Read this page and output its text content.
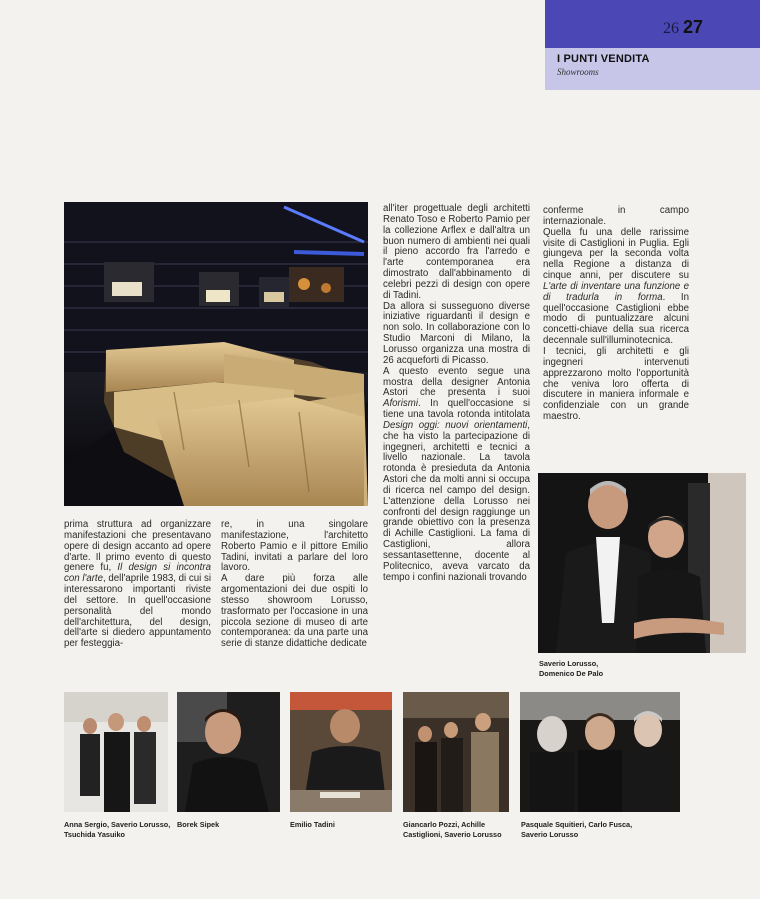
26 27
I PUNTI VENDITA
Showrooms

prima struttura ad organizzare manifestazioni che presentavano opere di design accanto ad opere d'arte. Il primo evento di questo genere fu, Il design si incontra con l'arte, dell'aprile 1983, di cui si interessarono importanti riviste del settore. In quell'occasione personalità del mondo dell'architettura, del design, dell'arte si diedero appuntamento per festeggia-

re, in una singolare manifestazione, l'architetto Roberto Pamio e il pittore Emilio Tadini, invitati a parlare del loro lavoro.

A dare più forza alle argomentazioni dei due ospiti lo stesso showroom Lorusso, trasformato per l'occasione in una piccola sezione di museo di arte contemporanea: da una parte una serie di stanze didattiche dedicate

all'iter progettuale degli architetti Renato Toso e Roberto Pamio per la collezione Arflex e dall'altra un buon numero di ambienti nei quali il pieno accordo fra l'arredo e l'arte contemporanea era dimostrato dall'abbinamento di celebri pezzi di design con opere di Tadini.

Da allora si susseguono diverse iniziative riguardanti il design e non solo. In collaborazione con lo Studio Marconi di Milano, la Lorusso organizza una mostra di 26 acqueforti di Picasso.

A questo evento segue una mostra della designer Antonia Astori che presenta i suoi Aforismi. In quell'occasione si tiene una tavola rotonda intitolata Design oggi: nuovi orientamenti, che ha visto la partecipazione di ingegneri, architetti e tecnici a livello nazionale. La tavola rotonda è presieduta da Antonia Astori che da molti anni si occupa di ricerca nel campo del design. L'attenzione della Lorusso nei confronti del design raggiunge un grande obiettivo con la presenza di Achille Castiglioni. La fama di Castiglioni, allora sessantasettenne, docente al Politecnico, aveva varcato da tempo i confini nazionali trovando

conferme in campo internazionale.

Quella fu una delle rarissime visite di Castiglioni in Puglia. Egli giungeva per la seconda volta nella Regione a distanza di cinque anni, per discutere su L'arte di inventare una funzione e di tradurla in forma. In quell'occasione Castiglioni ebbe modo di puntualizzare alcuni concetti-chiave della sua ricerca decennale sull'illuminotecnica.

I tecnici, gli architetti e gli ingegneri intervenuti apprezzarono molto l'opportunità che veniva loro offerta di discutere in maniera informale e confidenziale con un grande maestro.

Saverio Lorusso,
Domenico De Palo
Anna Sergio, Saverio Lorusso,
Tsuchida Yasuiko
Borek Sipek	Emilio Tadini	Giancarlo Pozzi, Achille
Castiglioni, Saverio Lorusso
Pasquale Squitieri, Carlo Fusca,
Saverio Lorusso
